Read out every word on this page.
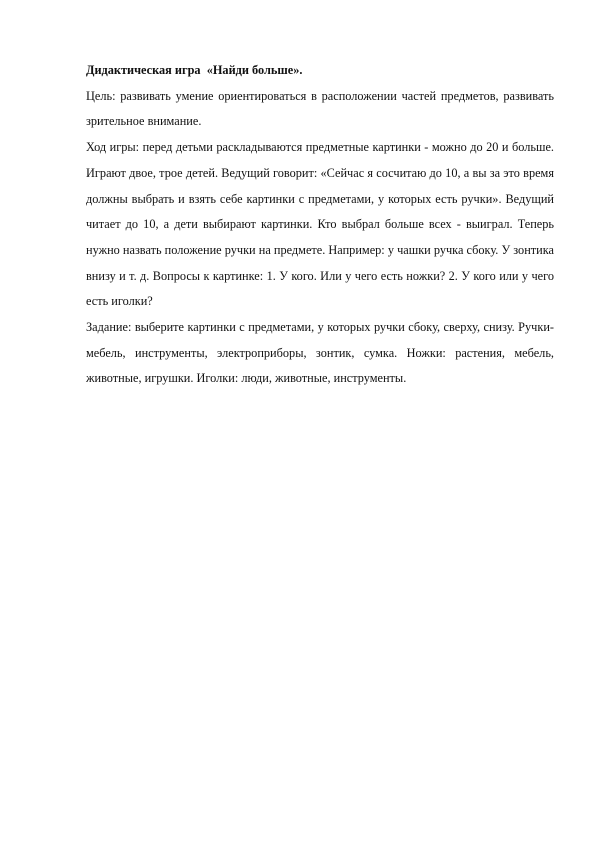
Дидактическая игра  «Найди больше».

Цель: развивать умение ориентироваться в расположении частей предметов, развивать зрительное внимание.

Ход игры: перед детьми раскладываются предметные картинки - можно до 20 и больше. Играют двое, трое детей. Ведущий говорит: «Сейчас я сосчитаю до 10, а вы за это время должны выбрать и взять себе картинки с предметами, у которых есть ручки». Ведущий читает до 10, а дети выбирают картинки. Кто выбрал больше всех - выиграл. Теперь нужно назвать положение ручки на предмете. Например: у чашки ручка сбоку. У зонтика внизу и т. д. Вопросы к картинке: 1. У кого. Или у чего есть ножки? 2. У кого или у чего есть иголки?

Задание: выберите картинки с предметами, у которых ручки сбоку, сверху, снизу. Ручки- мебель, инструменты, электроприборы, зонтик, сумка. Ножки: растения, мебель, животные, игрушки. Иголки: люди, животные, инструменты.
